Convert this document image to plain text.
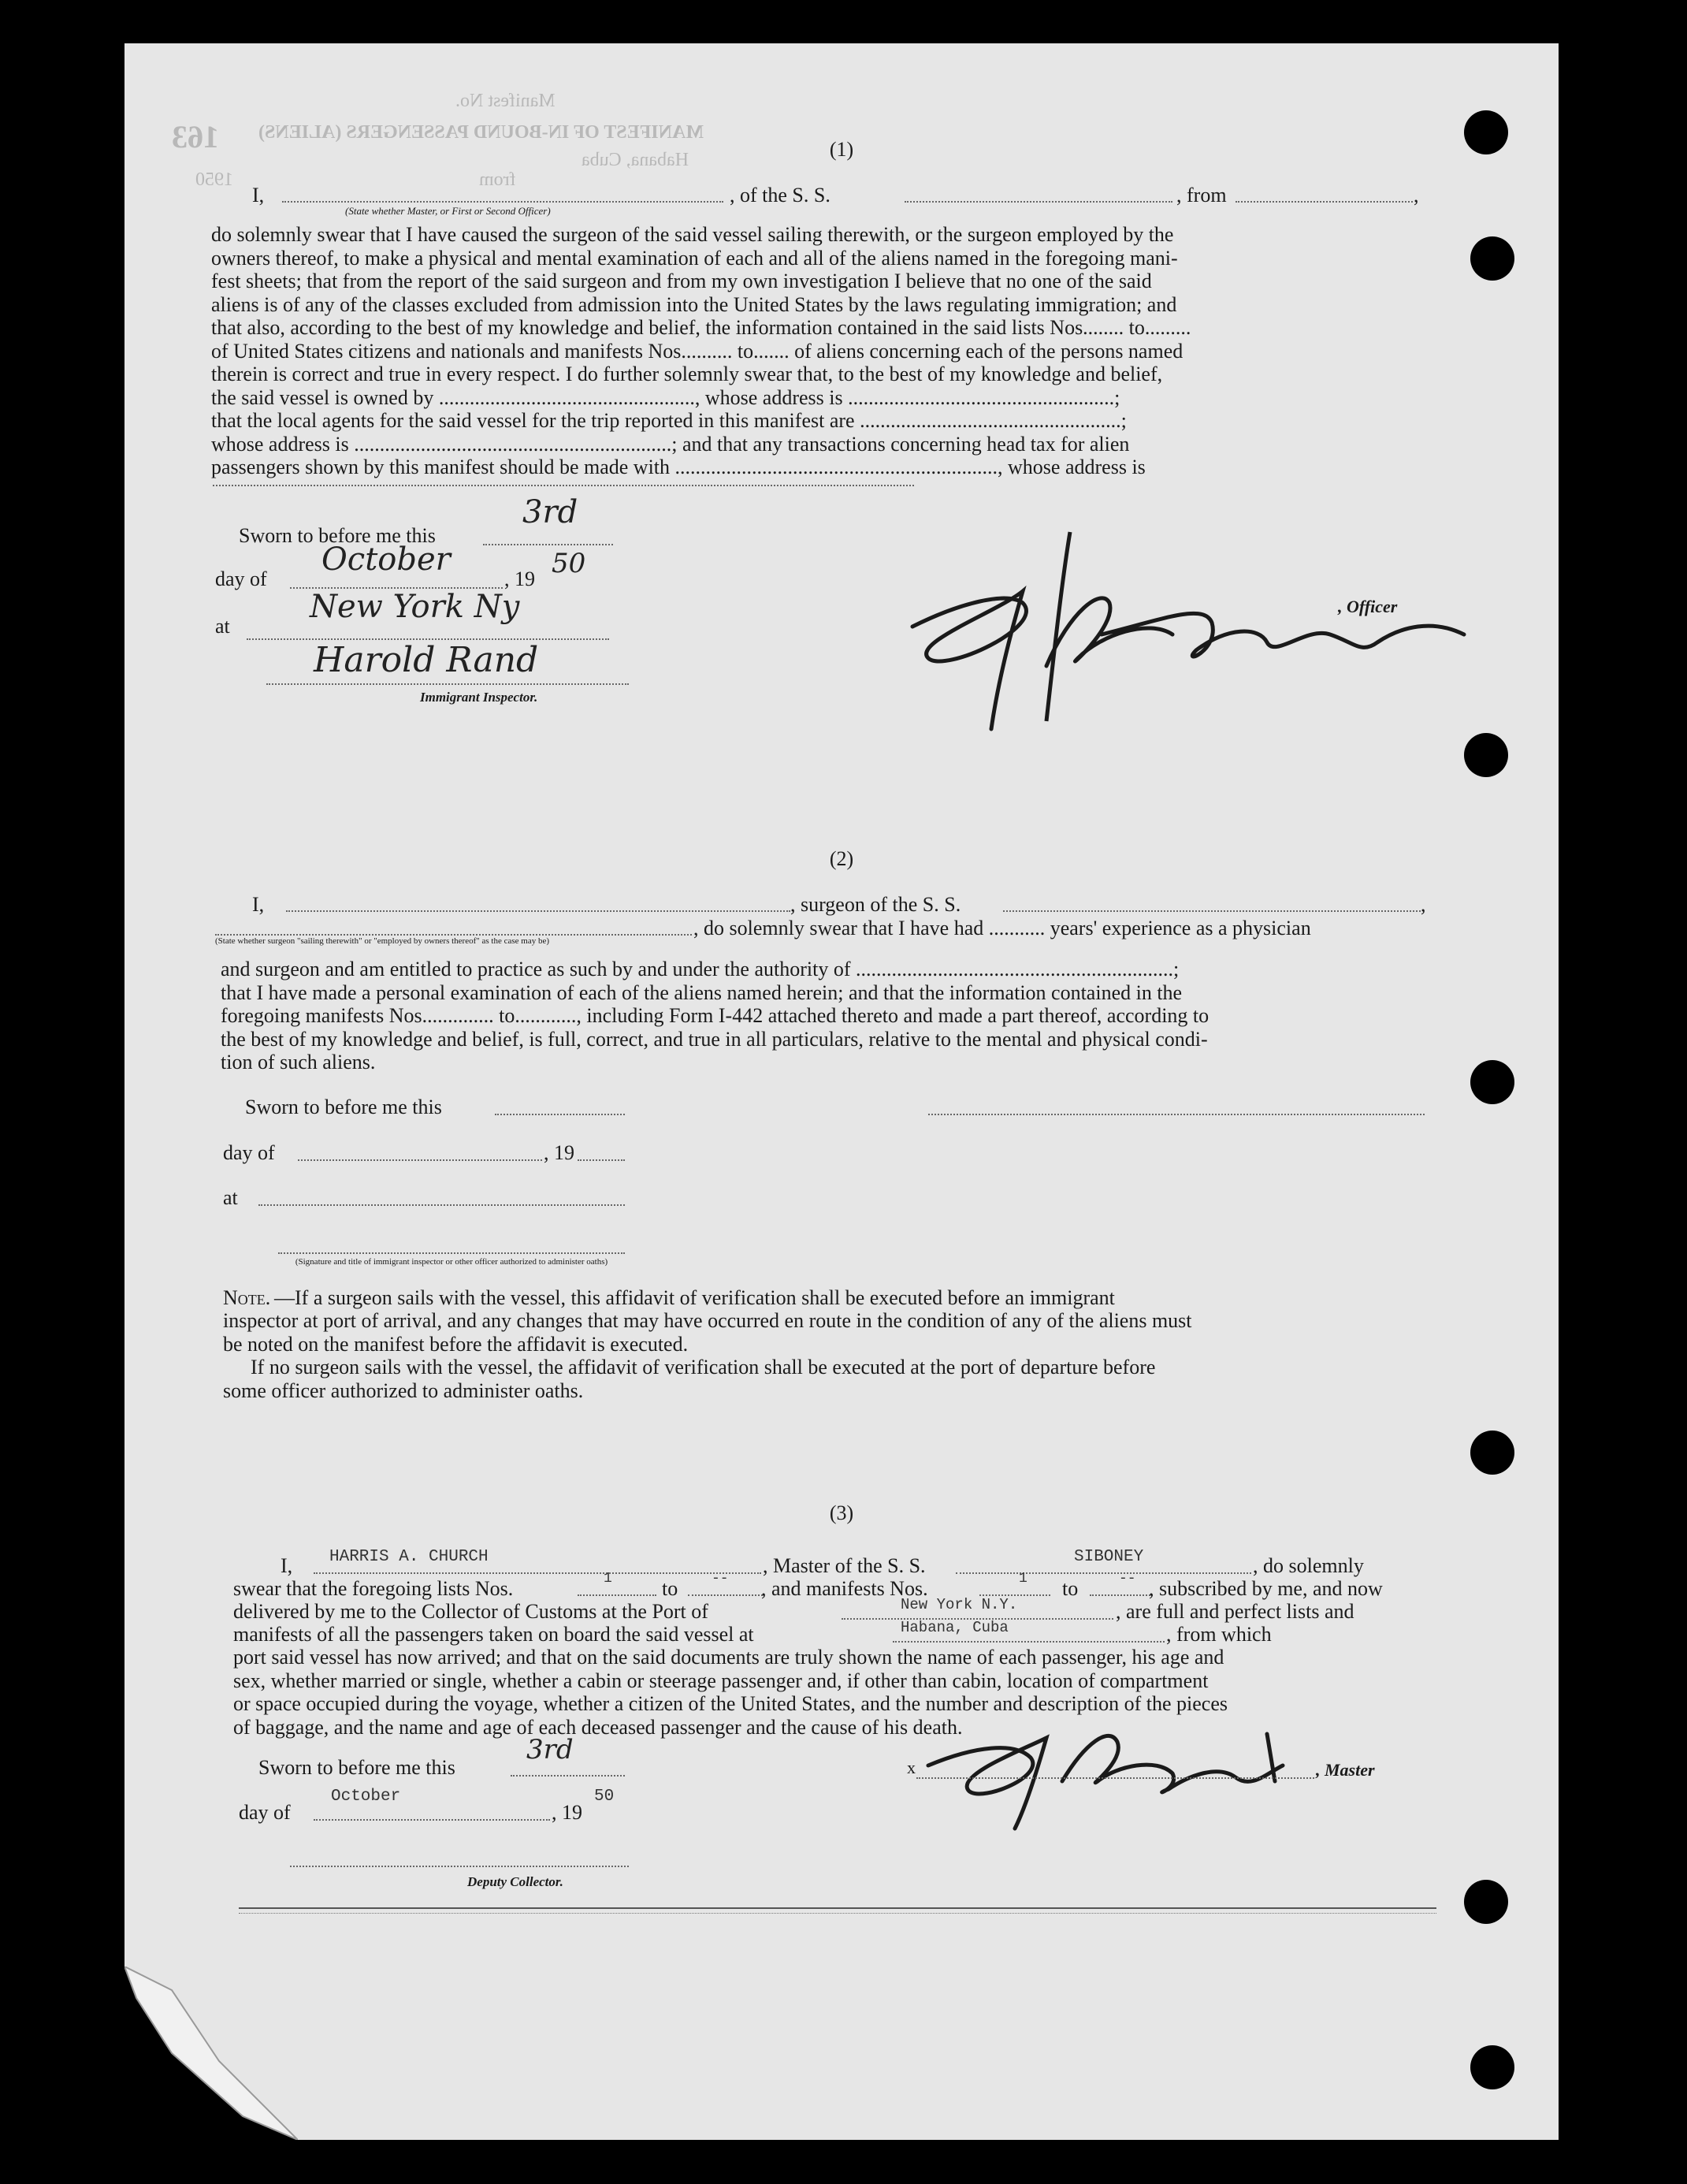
Manifest No.
163 MANIFEST OF IN-BOUND PASSENGERS (ALIENS)
Habana, Cuba
from
1950
(1)
I,	, of the S. S.	, from	,
(State whether Master, or First or Second Officer)
do solemnly swear that I have caused the surgeon of the said vessel sailing therewith, or the surgeon employed by the
owners thereof, to make a physical and mental examination of each and all of the aliens named in the foregoing mani-
fest sheets; that from the report of the said surgeon and from my own investigation I believe that no one of the said
aliens is of any of the classes excluded from admission into the United States by the laws regulating immigration; and
that also, according to the best of my knowledge and belief, the information contained in the said lists Nos........ to.........
of United States citizens and nationals and manifests Nos.......... to....... of aliens concerning each of the persons named
therein is correct and true in every respect. I do further solemnly swear that, to the best of my knowledge and belief,
the said vessel is owned by .................................................., whose address is ....................................................;
that the local agents for the said vessel for the trip reported in this manifest are ...................................................;
whose address is ..............................................................; and that any transactions concerning head tax for alien
passengers shown by this manifest should be made with ..............................................................., whose address is
Sworn to before me this
3rd
day of
October
, 19 50
at
New York Ny
Harold Rand
Immigrant Inspector.
, Officer
(2)
I,	, surgeon of the S. S.	,
, do solemnly swear that I have had ........... years' experience as a physician
(State whether surgeon "sailing therewith" or "employed by owners thereof" as the case may be)
and surgeon and am entitled to practice as such by and under the authority of ..............................................................;
that I have made a personal examination of each of the aliens named herein; and that the information contained in the
foregoing manifests Nos.............. to............, including Form I-442 attached thereto and made a part thereof, according to
the best of my knowledge and belief, is full, correct, and true in all particulars, relative to the mental and physical condi-
tion of such aliens.
Sworn to before me this
day of	, 19
at
(Signature and title of immigrant inspector or other officer authorized to administer oaths)
Note. —If a surgeon sails with the vessel, this affidavit of verification shall be executed before an immigrant
inspector at port of arrival, and any changes that may have occurred en route in the condition of any of the aliens must
be noted on the manifest before the affidavit is executed.
If no surgeon sails with the vessel, the affidavit of verification shall be executed at the port of departure before
some officer authorized to administer oaths.
(3)
I, HARRIS A. CHURCH	, Master of the S. S.	SIBONEY	, do solemnly
swear that the foregoing lists Nos.	1 to -- , and manifests Nos.	1 to	-- , subscribed by me, and now
delivered by me to the Collector of Customs at the Port of	New York N.Y.	, are full and perfect lists and
manifests of all the passengers taken on board the said vessel at	Habana, Cuba	, from which
port said vessel has now arrived; and that on the said documents are truly shown the name of each passenger, his age and
sex, whether married or single, whether a cabin or steerage passenger and, if other than cabin, location of compartment
or space occupied during the voyage, whether a citizen of the United States, and the number and description of the pieces
of baggage, and the name and age of each deceased passenger and the cause of his death.
Sworn to before me this
3rd
day of
October
, 19
50
Deputy Collector.
x	, Master
